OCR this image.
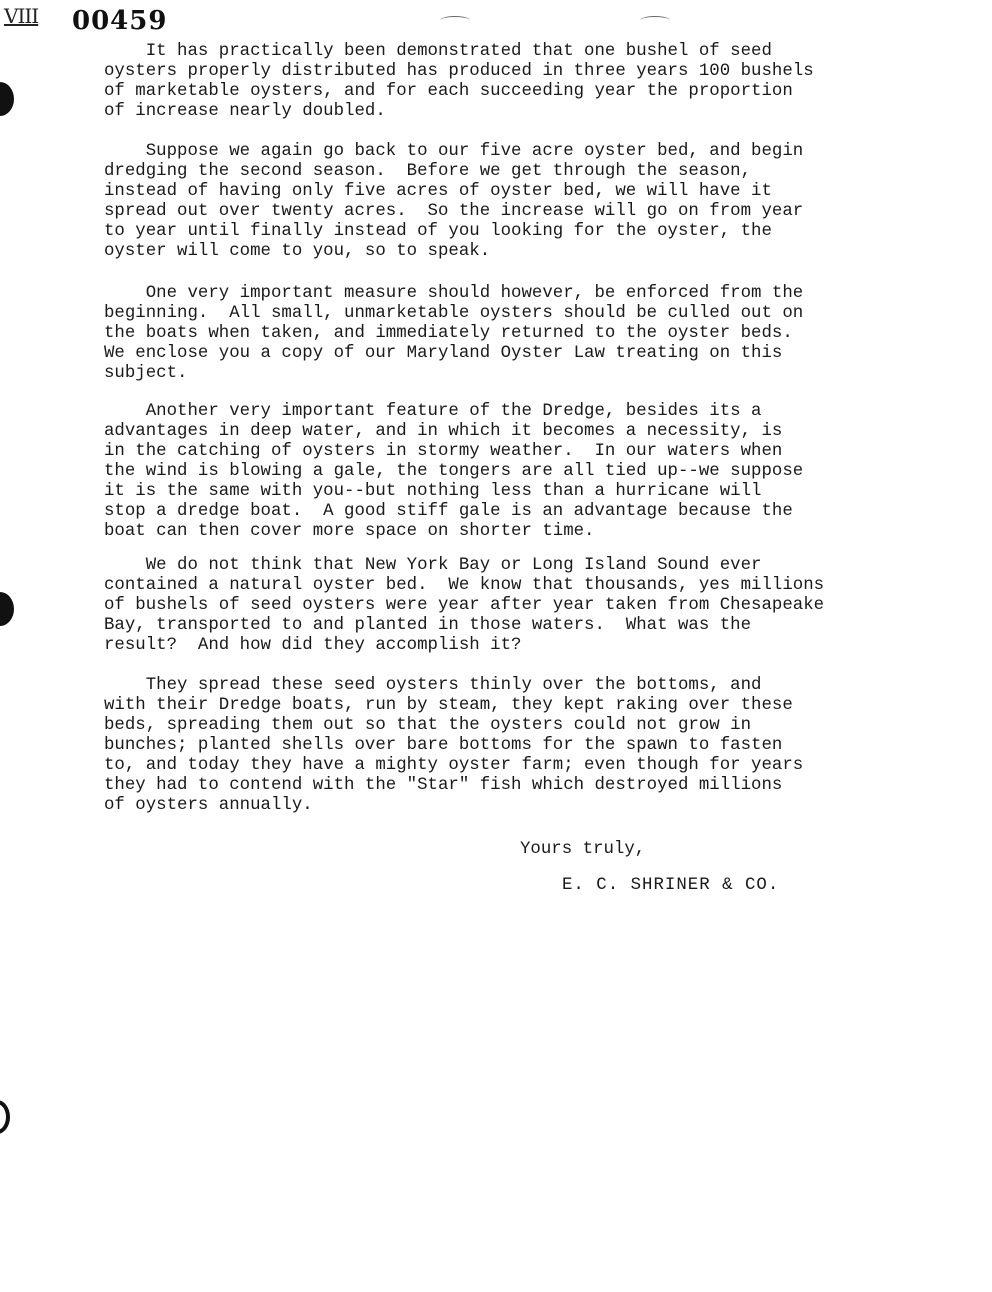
VIII 00459

It has practically been demonstrated that one bushel of seed
oysters properly distributed has produced in three years 100 bushels
of marketable oysters, and for each succeeding year the proportion
of increase nearly doubled.

Suppose we again go back to our five acre oyster bed, and begin
dredging the second season.  Before we get through the season,
instead of having only five acres of oyster bed, we will have it
spread out over twenty acres.  So the increase will go on from year
to year until finally instead of you looking for the oyster, the
oyster will come to you, so to speak.

One very important measure should however, be enforced from the
beginning.  All small, unmarketable oysters should be culled out on
the boats when taken, and immediately returned to the oyster beds.
We enclose you a copy of our Maryland Oyster Law treating on this
subject.

Another very important feature of the Dredge, besides its a
advantages in deep water, and in which it becomes a necessity, is
in the catching of oysters in stormy weather.  In our waters when
the wind is blowing a gale, the tongers are all tied up--we suppose
it is the same with you--but nothing less than a hurricane will
stop a dredge boat.  A good stiff gale is an advantage because the
boat can then cover more space on shorter time.

We do not think that New York Bay or Long Island Sound ever
contained a natural oyster bed.  We know that thousands, yes millions
of bushels of seed oysters were year after year taken from Chesapeake
Bay, transported to and planted in those waters.  What was the
result?  And how did they accomplish it?

They spread these seed oysters thinly over the bottoms, and
with their Dredge boats, run by steam, they kept raking over these
beds, spreading them out so that the oysters could not grow in
bunches; planted shells over bare bottoms for the spawn to fasten
to, and today they have a mighty oyster farm; even though for years
they had to contend with the "Star" fish which destroyed millions
of oysters annually.

Yours truly,
E. C. SHRINER & CO.
